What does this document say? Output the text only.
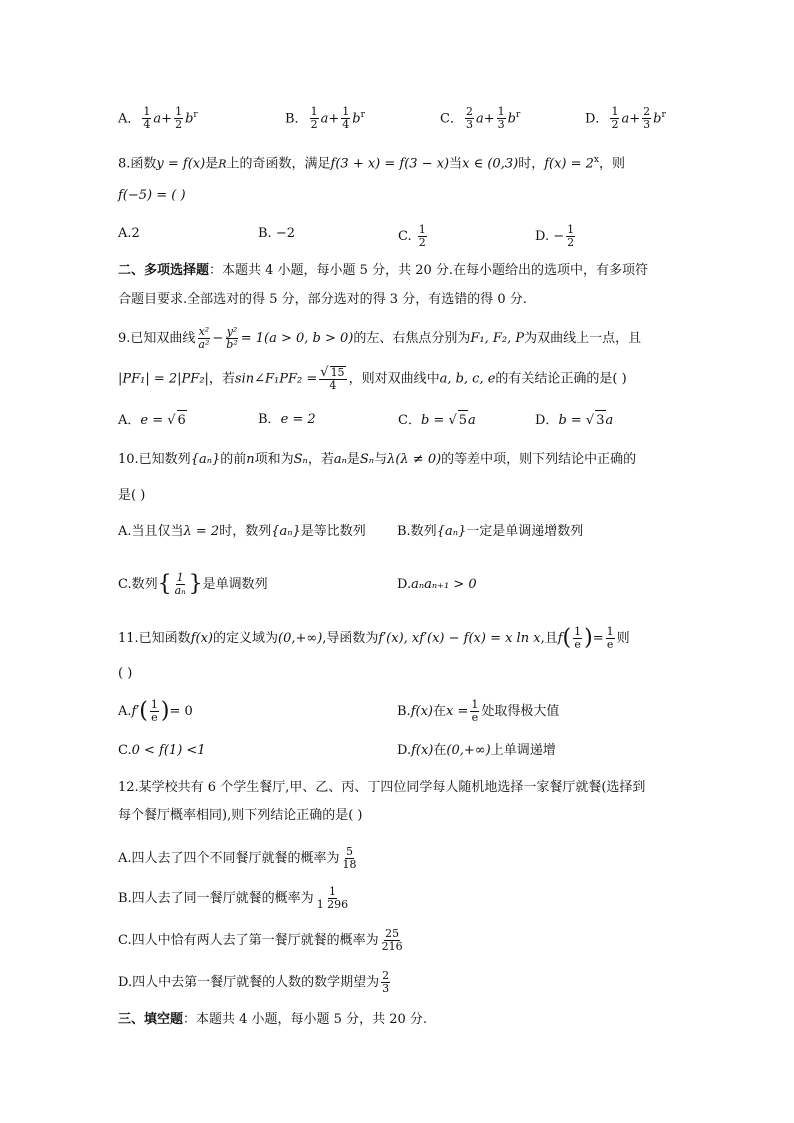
A． $\frac{1}{4} a+ \frac{1}{2} b^r$	B． $\frac{1}{2} a+ \frac{1}{4} b^r$	C． $\frac{2}{3} a+ \frac{1}{3} b^r$	D． $\frac{1}{2} a+ \frac{2}{3} b^r$
8.函数y = f(x)是R上的奇函数，满足f(3 + x) = f(3 − x)当x ∈ (0,3)时，$f(x) = 2^x$，则
f(−5) = ( )
A.2	B. −2	C. $\frac{1}{2}$	D. − $\frac{1}{2}$
二、多项选择题：本题共 4 小题，每小题 5 分，共 20 分.在每小题给出的选项中，有多项符
合题目要求.全部选对的得 5 分，部分选对的得 3 分，有选错的得 0 分.
9.已知双曲线 $\frac{\text{x²}}{\text{a²}} - \frac{\text{y²}}{\text{b²}} = 1(a > 0$, b > 0)的左、右焦点分别为F₁, F₂, P为双曲线上一点，且
|PF₁| = 2|PF₂|，若sin∠F₁PF₂ = $\frac{√ 15}{4}$ ，则对双曲线中a, b, c, e的有关结论正确的是( )
A．e = √ 6	B．e = 2	C．b = √ 5a	D．b = √ 3a
10.已知数列{aₙ}的前n项和为Sₙ，若aₙ是Sₙ与λ(λ ≠ 0)的等差中项，则下列结论中正确的
是( )
A.当且仅当λ = 2时，数列{aₙ}是等比数列 B.数列{aₙ}一定是单调递增数列
C.数列{ $\frac{1}{\text{aₙ}}$ }是单调数列	D.aₙaₙ₊₁ > 0
11.已知函数f(x)的定义域为(0,+∞),导函数为f′(x), xf′(x) − f(x) = x ln x,且$f( \frac{1}{e}$ )= $\frac{1}{e}$ 则
( )
$A.f'( \frac{1}{e}$ )= 0	B.f(x)在$x = \frac{1}{e}$ 处取得极大值
C.0 < f(1) <1	D.f(x)在(0,+∞)上单调递增
12.某学校共有 6 个学生餐厅,甲、乙、丙、丁四位同学每人随机地选择一家餐厅就餐(选择到
每个餐厅概率相同),则下列结论正确的是( )
A.四人去了四个不同餐厅就餐的概率为 $\frac{5}{18}$
B.四人去了同一餐厅就餐的概率为 $\frac{1}{1 296}$
C.四人中恰有两人去了第一餐厅就餐的概率为 $\frac{25}{216}$
D.四人中去第一餐厅就餐的人数的数学期望为 $\frac{2}{3}$
三、填空题：本题共 4 小题，每小题 5 分，共 20 分.
